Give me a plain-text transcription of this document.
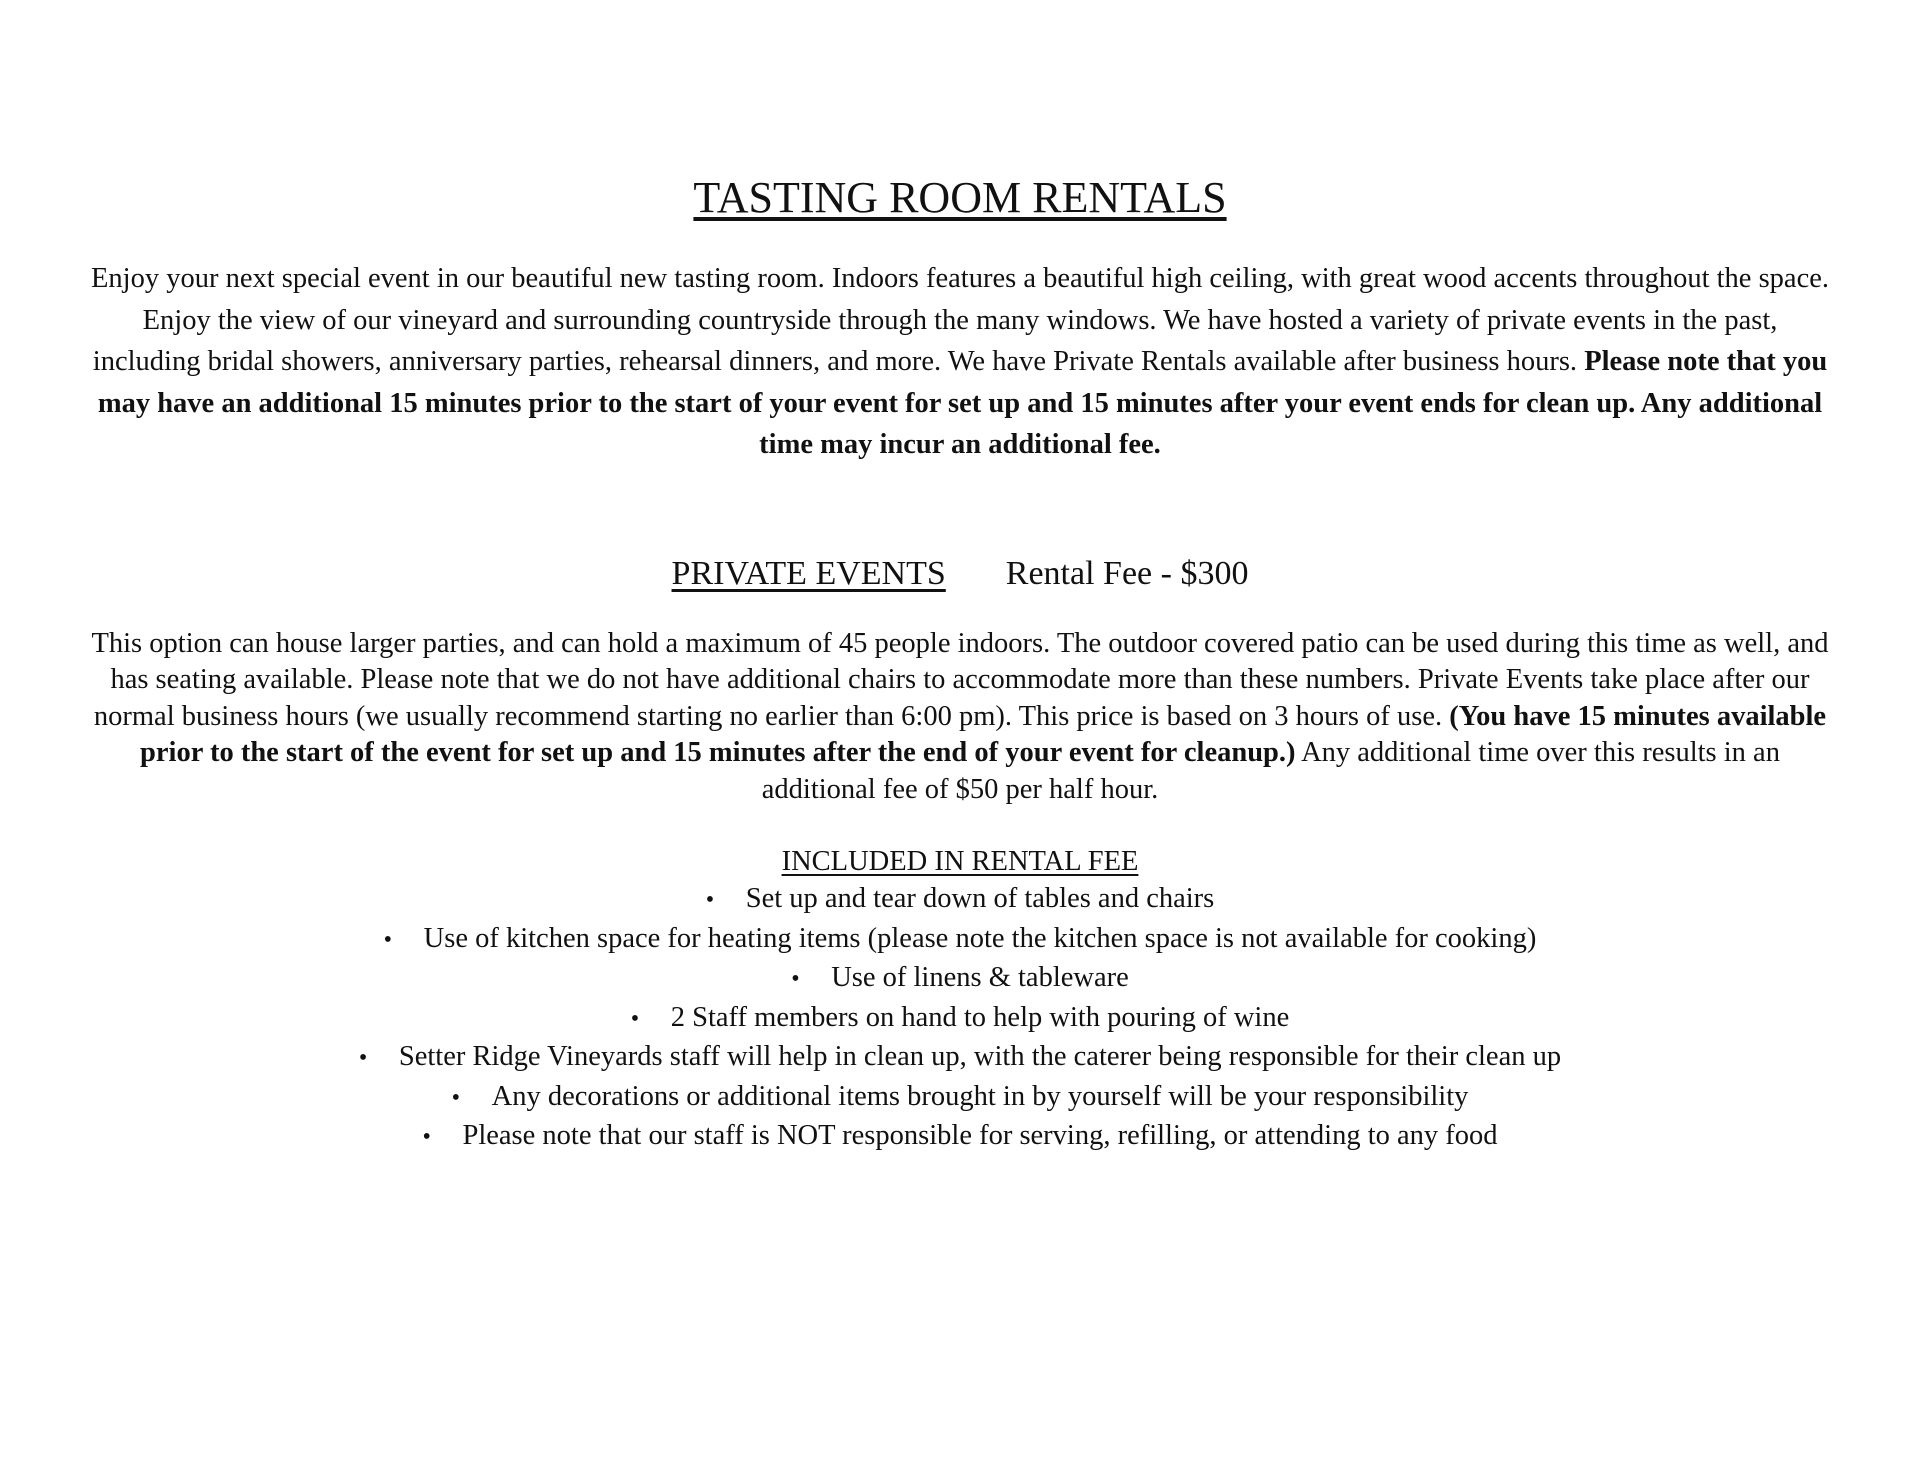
TASTING ROOM RENTALS

Enjoy your next special event in our beautiful new tasting room. Indoors features a beautiful high ceiling, with great wood accents throughout the space. Enjoy the view of our vineyard and surrounding countryside through the many windows. We have hosted a variety of private events in the past, including bridal showers, anniversary parties, rehearsal dinners, and more. We have Private Rentals available after business hours. Please note that you may have an additional 15 minutes prior to the start of your event for set up and 15 minutes after your event ends for clean up. Any additional time may incur an additional fee.

PRIVATE EVENTS Rental Fee - $300

This option can house larger parties, and can hold a maximum of 45 people indoors. The outdoor covered patio can be used during this time as well, and has seating available. Please note that we do not have additional chairs to accommodate more than these numbers. Private Events take place after our normal business hours (we usually recommend starting no earlier than 6:00 pm). This price is based on 3 hours of use. (You have 15 minutes available prior to the start of the event for set up and 15 minutes after the end of your event for cleanup.) Any additional time over this results in an additional fee of $50 per half hour.

INCLUDED IN RENTAL FEE
• Set up and tear down of tables and chairs
• Use of kitchen space for heating items (please note the kitchen space is not available for cooking)
• Use of linens & tableware
• 2 Staff members on hand to help with pouring of wine
• Setter Ridge Vineyards staff will help in clean up, with the caterer being responsible for their clean up
• Any decorations or additional items brought in by yourself will be your responsibility
• Please note that our staff is NOT responsible for serving, refilling, or attending to any food
